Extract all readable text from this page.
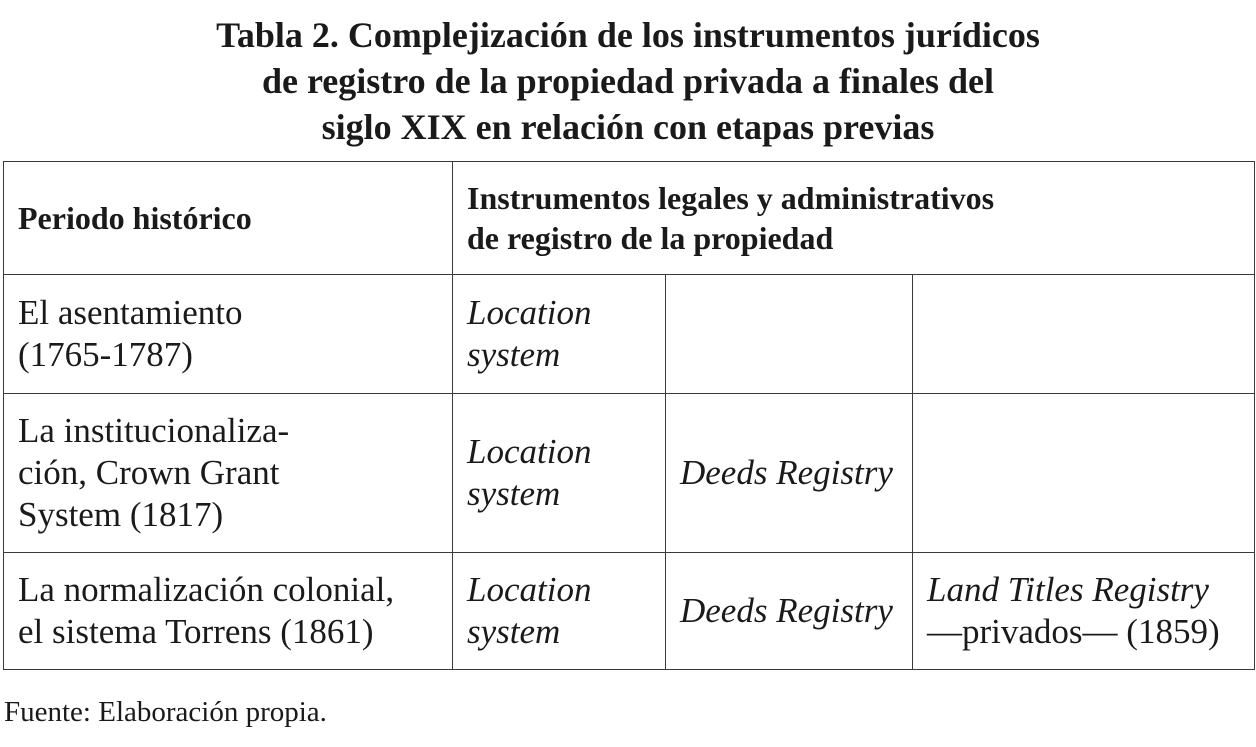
Tabla 2. Complejización de los instrumentos jurídicos
de registro de la propiedad privada a finales del
siglo XIX en relación con etapas previas
Periodo histórico	Instrumentos legales y administrativos
de registro de la propiedad		

El asentamiento
(1765-1787)	Location
system		

La institucionaliza-
ción, Crown Grant
System (1817)	Location
system	Deeds Registry	

La normalización colonial,
el sistema Torrens (1861)	Location
system	Deeds Registry	Land Titles Registry
—privados— (1859)

Fuente: Elaboración propia.
